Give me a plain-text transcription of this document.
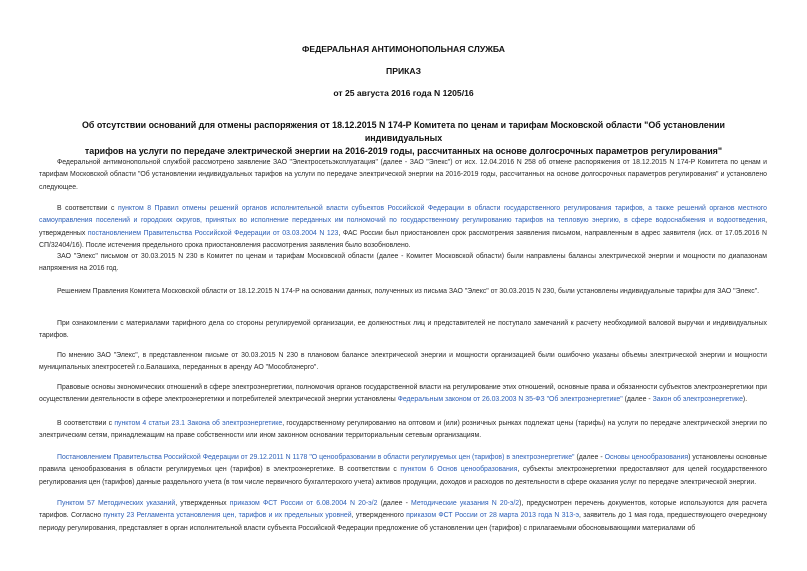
ФЕДЕРАЛЬНАЯ АНТИМОНОПОЛЬНАЯ СЛУЖБА
ПРИКАЗ
от 25 августа 2016 года N 1205/16
Об отсутствии оснований для отмены распоряжения от 18.12.2015 N 174-Р Комитета по ценам и тарифам Московской области "Об установлении индивидуальных
тарифов на услуги по передаче электрической энергии на 2016-2019 годы, рассчитанных на основе долгосрочных параметров регулирования"
Федеральной антимонопольной службой рассмотрено заявление ЗАО "Электросетьэксплуатация" (далее - ЗАО "Элекс") от исх. 12.04.2016 N 258 об отмене распоряжения от 18.12.2015 N 174-Р Комитета по ценам и тарифам Московской области "Об установлении индивидуальных тарифов на услуги по передаче электрической энергии на 2016-2019 годы, рассчитанных на основе долгосрочных параметров регулирования" и установлено следующее.
В соответствии с пунктом 8 Правил отмены решений органов исполнительной власти субъектов Российской Федерации в области государственного регулирования тарифов, а также решений органов местного самоуправления поселений и городских округов, принятых во исполнение переданных им полномочий по государственному регулированию тарифов на тепловую энергию, в сфере водоснабжения и водоотведения, утвержденных постановлением Правительства Российской Федерации от 03.03.2004 N 123, ФАС России был приостановлен срок рассмотрения заявления письмом, направленным в адрес заявителя (исх. от 17.05.2016 N СП/32404/16). После истечения предельного срока приостановления рассмотрения заявления было возобновлено.
ЗАО "Элекс" письмом от 30.03.2015 N 230 в Комитет по ценам и тарифам Московской области (далее - Комитет Московской области) были направлены балансы электрической энергии и мощности по диапазонам напряжения на 2016 год.
Решением Правления Комитета Московской области от 18.12.2015 N 174-Р на основании данных, полученных из письма ЗАО "Элекс" от 30.03.2015 N 230, были установлены индивидуальные тарифы для ЗАО "Элекс".
При ознакомлении с материалами тарифного дела со стороны регулируемой организации, ее должностных лиц и представителей не поступало замечаний к расчету необходимой валовой выручки и индивидуальных тарифов.
По мнению ЗАО "Элекс", в представленном письме от 30.03.2015 N 230 в плановом балансе электрической энергии и мощности организацией были ошибочно указаны объемы электрической энергии и мощности муниципальных электросетей г.о.Балашиха, переданных в аренду АО "Мособлэнерго".
Правовые основы экономических отношений в сфере электроэнергетики, полномочия органов государственной власти на регулирование этих отношений, основные права и обязанности субъектов электроэнергетики при осуществлении деятельности в сфере электроэнергетики и потребителей электрической энергии установлены Федеральным законом от 26.03.2003 N 35-ФЗ "Об электроэнергетике" (далее - Закон об электроэнергетике).
В соответствии с пунктом 4 статьи 23.1 Закона об электроэнергетике, государственному регулированию на оптовом и (или) розничных рынках подлежат цены (тарифы) на услуги по передаче электрической энергии по электрическим сетям, принадлежащим на праве собственности или ином законном основании территориальным сетевым организациям.
Постановлением Правительства Российской Федерации от 29.12.2011 N 1178 "О ценообразовании в области регулируемых цен (тарифов) в электроэнергетике" (далее - Основы ценообразования) установлены основные правила ценообразования в области регулируемых цен (тарифов) в электроэнергетике. В соответствии с пунктом 6 Основ ценообразования, субъекты электроэнергетики предоставляют для целей государственного регулирования цен (тарифов) данные раздельного учета (в том числе первичного бухгалтерского учета) активов продукции, доходов и расходов по деятельности в сфере оказания услуг по передаче электрической энергии.
Пунктом 57 Методических указаний, утвержденных приказом ФСТ России от 6.08.2004 N 20-э/2 (далее - Методические указания N 20-э/2), предусмотрен перечень документов, которые используются для расчета тарифов. Согласно пункту 23 Регламента установления цен, тарифов и их предельных уровней, утвержденного приказом ФСТ России от 28 марта 2013 года N 313-э, заявитель до 1 мая года, предшествующего очередному периоду регулирования, представляет в орган исполнительной власти субъекта Российской Федерации предложение об установлении цен (тарифов) с прилагаемыми обосновывающими материалами об
